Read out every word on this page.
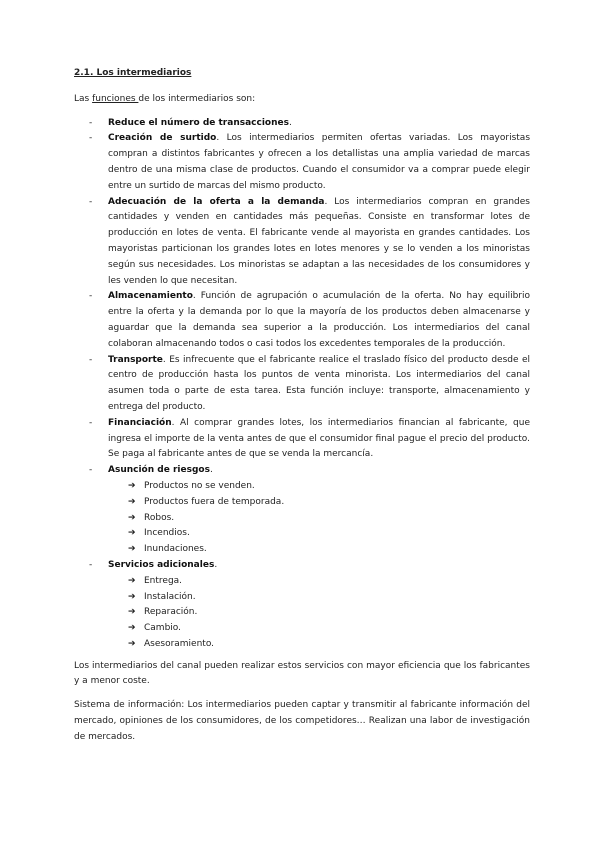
2.1. Los intermediarios

Las funciones de los intermediarios son:

- Reduce el número de transacciones.
- Creación de surtido. Los intermediarios permiten ofertas variadas. Los mayoristas compran a distintos fabricantes y ofrecen a los detallistas una amplia variedad de marcas dentro de una misma clase de productos. Cuando el consumidor va a comprar puede elegir entre un surtido de marcas del mismo producto.
- Adecuación de la oferta a la demanda. Los intermediarios compran en grandes cantidades y venden en cantidades más pequeñas. Consiste en transformar lotes de producción en lotes de venta. El fabricante vende al mayorista en grandes cantidades. Los mayoristas particionan los grandes lotes en lotes menores y se lo venden a los minoristas según sus necesidades. Los minoristas se adaptan a las necesidades de los consumidores y les venden lo que necesitan.
- Almacenamiento. Función de agrupación o acumulación de la oferta. No hay equilibrio entre la oferta y la demanda por lo que la mayoría de los productos deben almacenarse y aguardar que la demanda sea superior a la producción. Los intermediarios del canal colaboran almacenando todos o casi todos los excedentes temporales de la producción.
- Transporte. Es infrecuente que el fabricante realice el traslado físico del producto desde el centro de producción hasta los puntos de venta minorista. Los intermediarios del canal asumen toda o parte de esta tarea. Esta función incluye: transporte, almacenamiento y entrega del producto.
- Financiación. Al comprar grandes lotes, los intermediarios financian al fabricante, que ingresa el importe de la venta antes de que el consumidor final pague el precio del producto. Se paga al fabricante antes de que se venda la mercancía.
- Asunción de riesgos.
➔ Productos no se venden.
➔ Productos fuera de temporada.
➔ Robos.
➔ Incendios.
➔ Inundaciones.
- Servicios adicionales.
➔ Entrega.
➔ Instalación.
➔ Reparación.
➔ Cambio.
➔ Asesoramiento.

Los intermediarios del canal pueden realizar estos servicios con mayor eficiencia que los fabricantes y a menor coste.

Sistema de información: Los intermediarios pueden captar y transmitir al fabricante información del mercado, opiniones de los consumidores, de los competidores… Realizan una labor de investigación de mercados.
